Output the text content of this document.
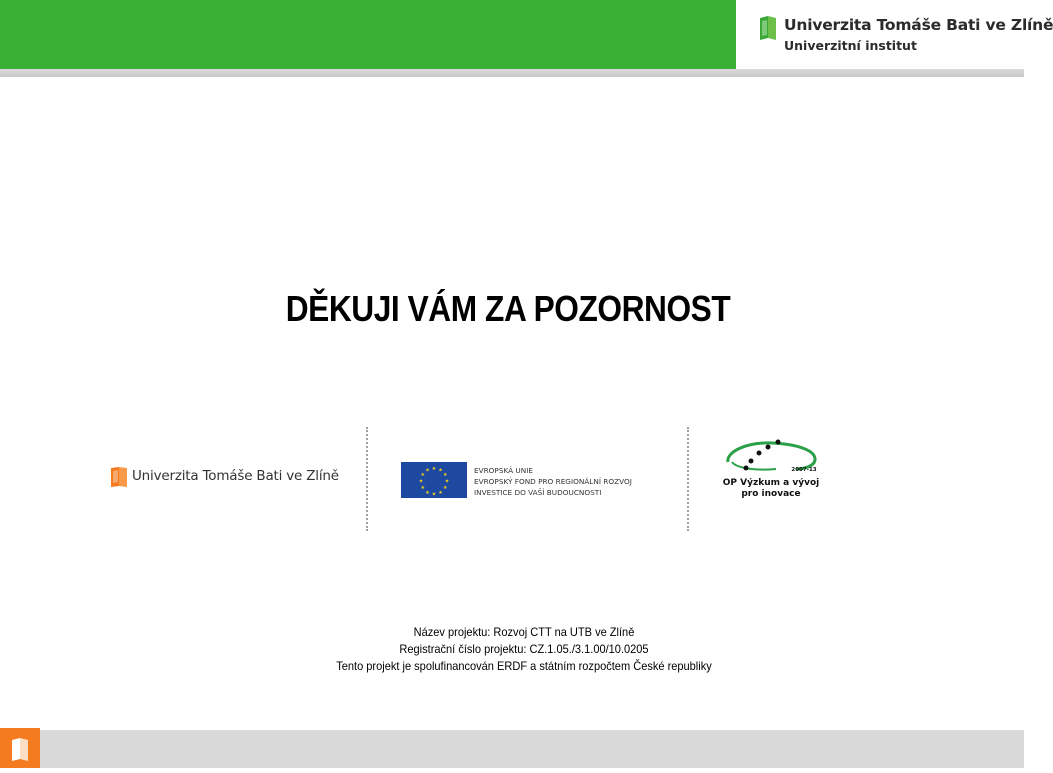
Univerzita Tomáše Bati ve Zlíně
Univerzitní institut
DĚKUJI VÁM ZA POZORNOST
Univerzita Tomáše Bati ve Zlíně	★ ★
★
★
★
★
★
★
★
★
★
★	EVROPSKÁ UNIE
EVROPSKÝ FOND PRO REGIONÁLNÍ ROZVOJ
INVESTICE DO VAŠÍ BUDOUCNOSTI
2007-13
OP Výzkum a vývoj
pro inovace
Název projektu: Rozvoj CTT na UTB ve Zlíně
Registrační číslo projektu: CZ.1.05./3.1.00/10.0205
Tento projekt je spolufinancován ERDF a státním rozpočtem České republiky
